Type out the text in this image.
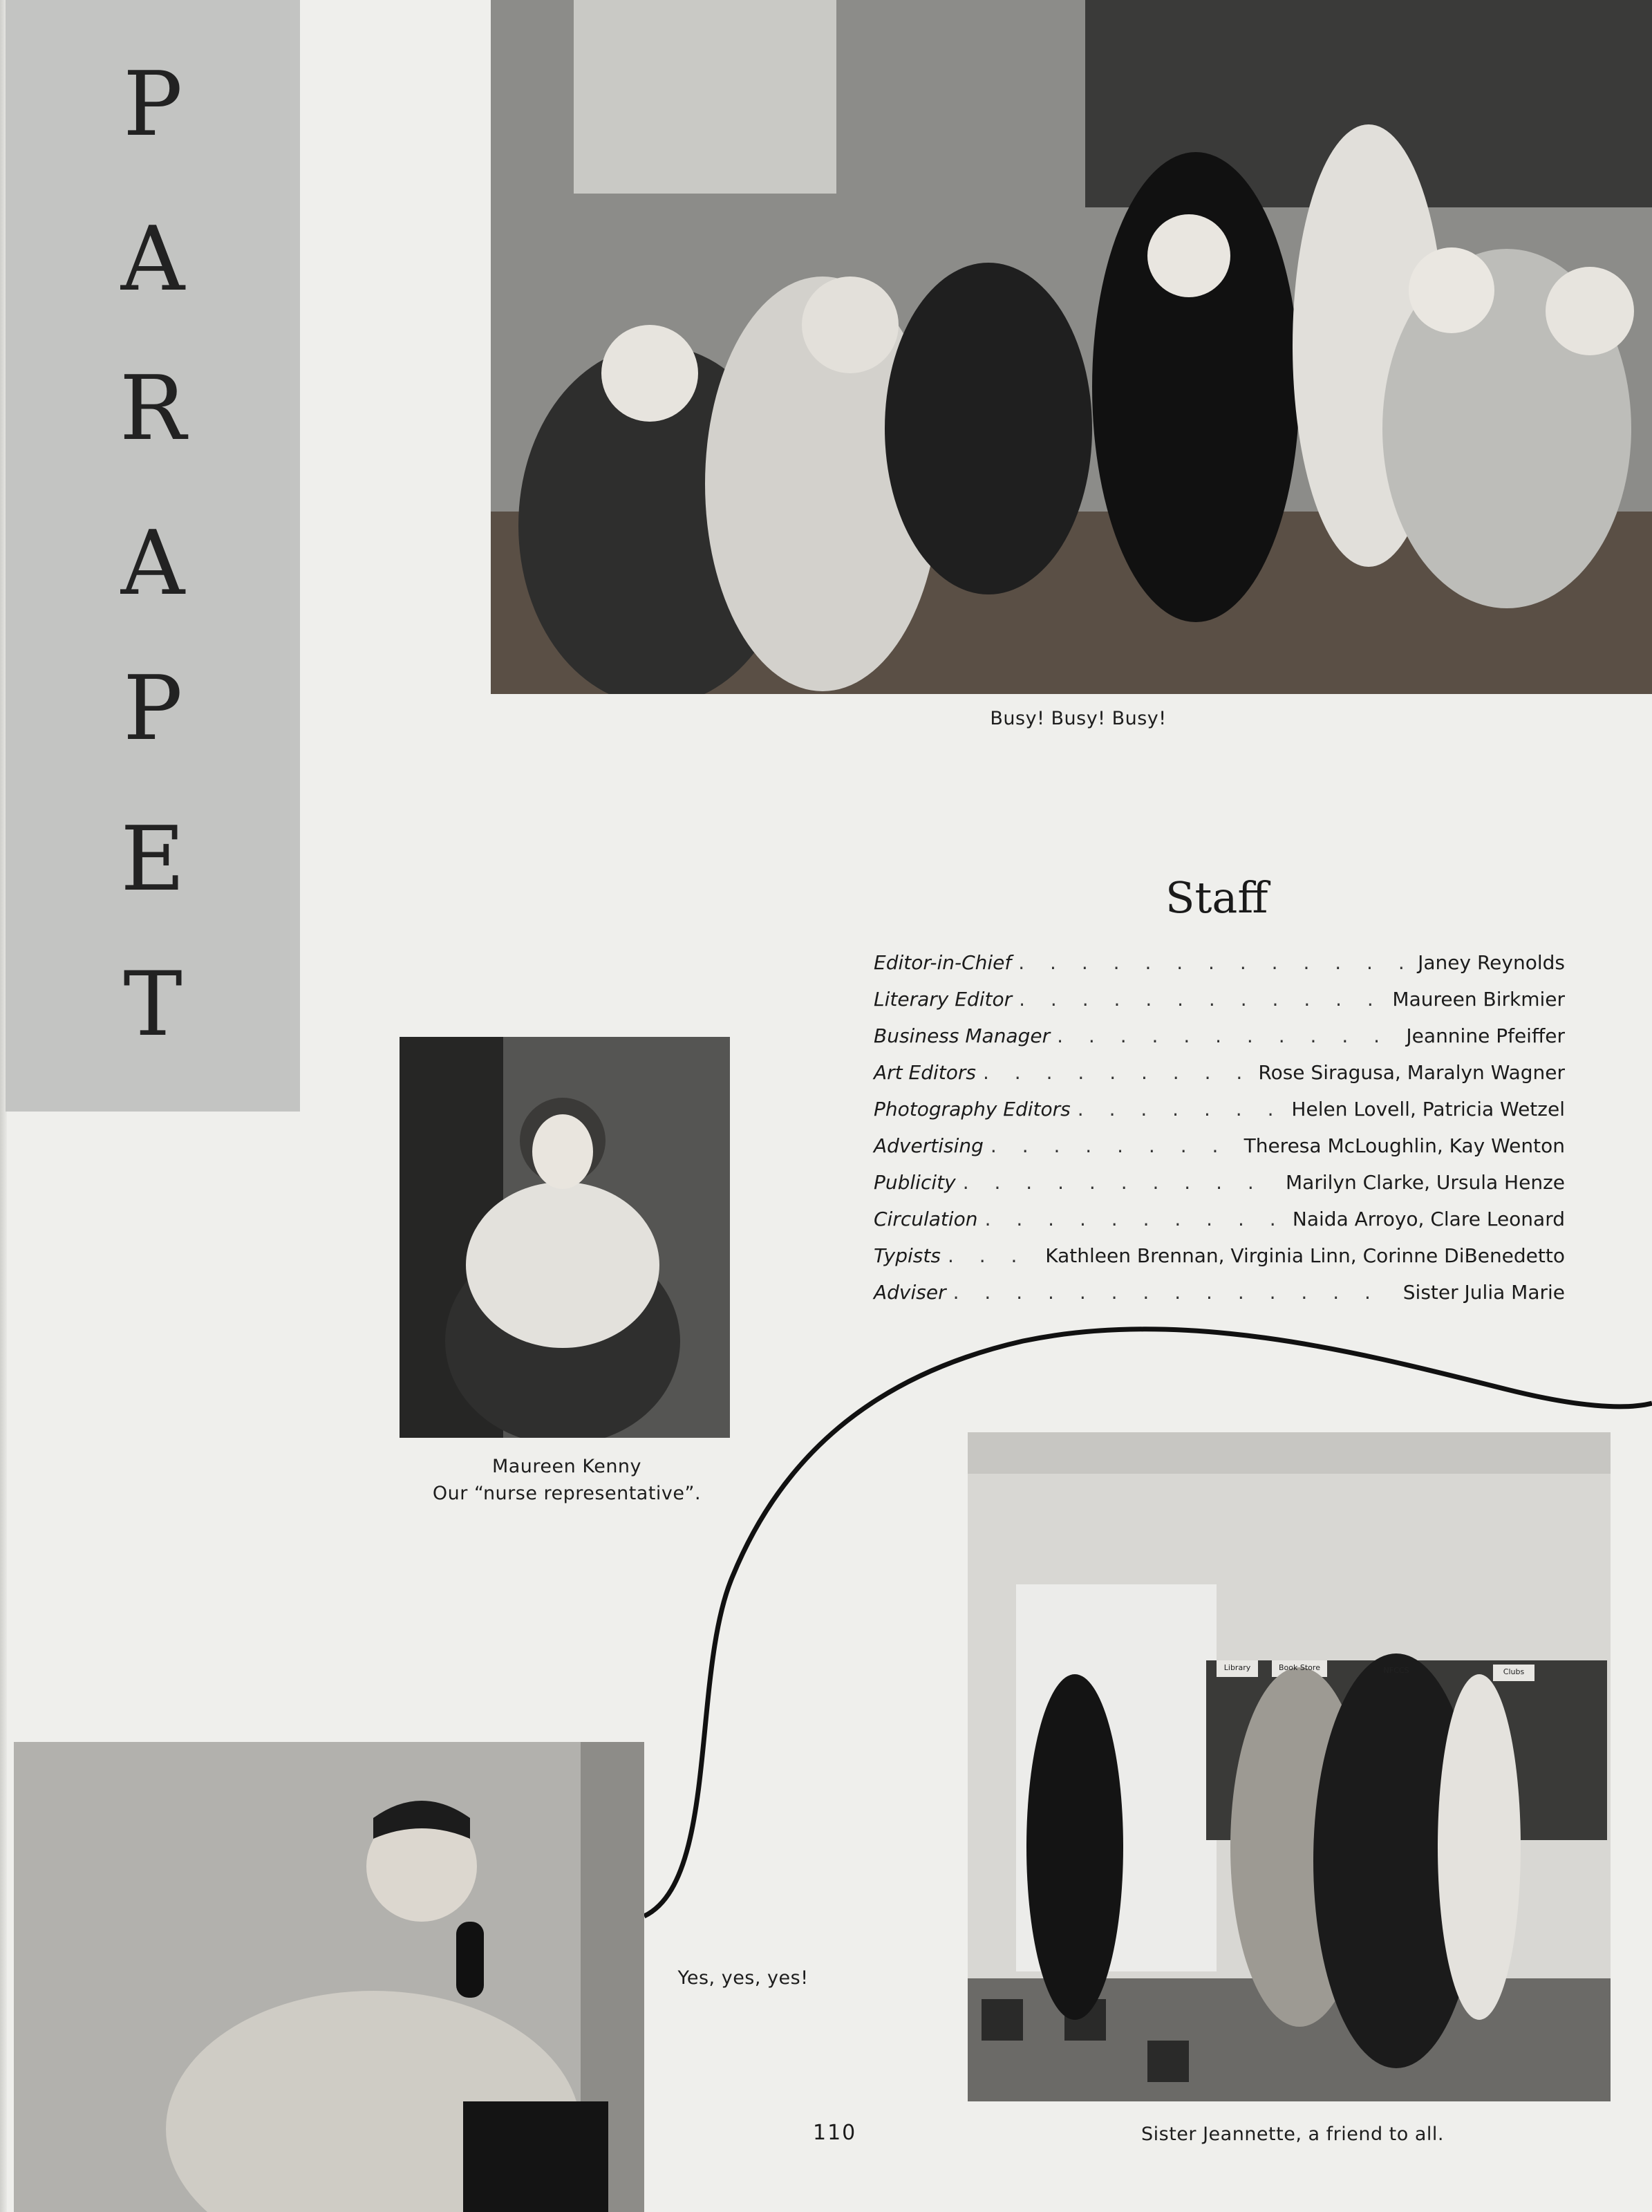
P
A
R
A
P
E
T
Busy! Busy! Busy!
Staff
Editor-in-Chief . . .	Janey Reynolds
Literary Editor . . .	Maureen Birkmier
Business Manager . . .	Jeannine Pfeiffer
Art Editors . . .	Rose Siragusa, Maralyn Wagner
Photography Editors . . .	Helen Lovell, Patricia Wetzel
Advertising . . .	Theresa McLoughlin, Kay Wenton
Publicity . . .	Marilyn Clarke, Ursula Henze
Circulation . . .	Naida Arroyo, Clare Leonard
Typists . . .	Kathleen Brennan, Virginia Linn, Corinne DiBenedetto
Adviser . . .	Sister Julia Marie
Maureen Kenny
Our “nurse representative”.
Yes, yes, yes!
Library	Book Store	NFCCS	Clubs
Sister Jeannette, a friend to all.
110
